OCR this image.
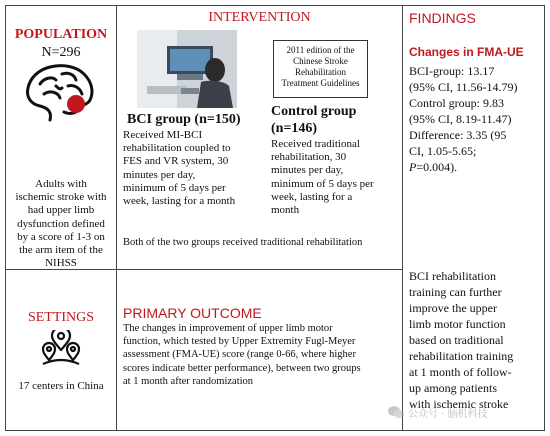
POPULATION
N=296
Adults with
ischemic stroke with
had upper limb
dysfunction defined
by a score of 1-3 on
the arm item of the
NIHSS
INTERVENTION
2011 edition of the
Chinese Stroke
Rehabilitation
Treatment Guidelines
BCI group (n=150)
Received MI-BCI
rehabilitation coupled to
FES and VR system, 30
minutes per day,
minimum of 5 days per
week, lasting for a month
Control group
(n=146)
Received traditional
rehabilitation, 30
minutes per day,
minimum of 5 days per
week, lasting for a
month
Both of the two groups received traditional rehabilitation
SETTINGS
17 centers in China
PRIMARY OUTCOME
The changes in improvement of upper limb motor
function, which tested by Upper Extremity Fugl-Meyer
assessment (FMA-UE) score (range 0-66, where higher
scores indicate better performance), between two groups
at 1 month after randomization
FINDINGS
Changes in FMA-UE
BCI-group: 13.17
(95% CI, 11.56-14.79)
Control group: 9.83
(95% CI, 8.19-11.47)
Difference: 3.35 (95
CI, 1.05-5.65;
P=0.004).
BCI rehabilitation
training can further
improve the upper
limb motor function
based on traditional
rehabilitation training
at 1 month of follow-
up among patients
with ischemic stroke
公众号 · 脑机科技
